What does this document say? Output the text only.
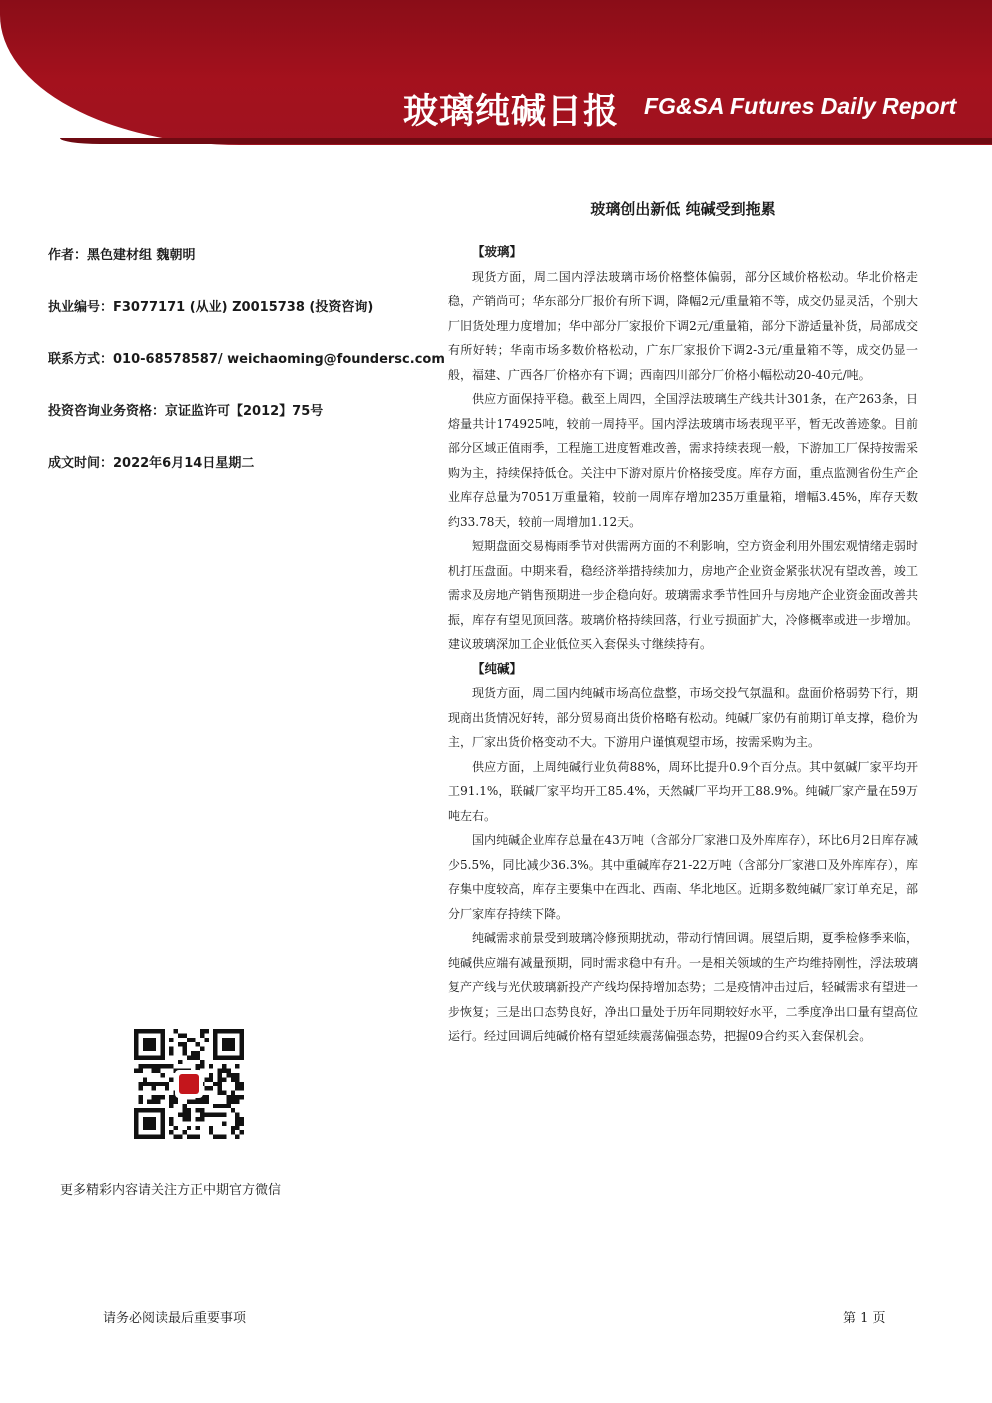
玻璃纯碱日报 FG&SA Futures Daily Report
玻璃创出新低 纯碱受到拖累
作者：黑色建材组 魏朝明
执业编号：F3077171 (从业) Z0015738 (投资咨询)
联系方式：010-68578587/ weichaoming@foundersc.com
投资咨询业务资格：京证监许可【2012】75号
成文时间：2022年6月14日星期二
【玻璃】

现货方面，周二国内浮法玻璃市场价格整体偏弱，部分区域价格松动。华北价格走稳，产销尚可；华东部分厂报价有所下调，降幅2元/重量箱不等，成交仍显灵活，个别大厂旧货处理力度增加；华中部分厂家报价下调2元/重量箱，部分下游适量补货，局部成交有所好转；华南市场多数价格松动，广东厂家报价下调2-3元/重量箱不等，成交仍显一般，福建、广西各厂价格亦有下调；西南四川部分厂价格小幅松动20-40元/吨。

供应方面保持平稳。截至上周四，全国浮法玻璃生产线共计301条，在产263条，日熔量共计174925吨，较前一周持平。国内浮法玻璃市场表现平平，暂无改善迹象。目前部分区域正值雨季，工程施工进度暂难改善，需求持续表现一般，下游加工厂保持按需采购为主，持续保持低仓。关注中下游对原片价格接受度。库存方面，重点监测省份生产企业库存总量为7051万重量箱，较前一周库存增加235万重量箱，增幅3.45%，库存天数约33.78天，较前一周增加1.12天。

短期盘面交易梅雨季节对供需两方面的不利影响，空方资金利用外围宏观情绪走弱时机打压盘面。中期来看，稳经济举措持续加力，房地产企业资金紧张状况有望改善，竣工需求及房地产销售预期进一步企稳向好。玻璃需求季节性回升与房地产企业资金面改善共振，库存有望见顶回落。玻璃价格持续回落，行业亏损面扩大，冷修概率或进一步增加。建议玻璃深加工企业低位买入套保头寸继续持有。

【纯碱】

现货方面，周二国内纯碱市场高位盘整，市场交投气氛温和。盘面价格弱势下行，期现商出货情况好转，部分贸易商出货价格略有松动。纯碱厂家仍有前期订单支撑，稳价为主，厂家出货价格变动不大。下游用户谨慎观望市场，按需采购为主。

供应方面，上周纯碱行业负荷88%，周环比提升0.9个百分点。其中氨碱厂家平均开工91.1%，联碱厂家平均开工85.4%，天然碱厂平均开工88.9%。纯碱厂家产量在59万吨左右。

国内纯碱企业库存总量在43万吨（含部分厂家港口及外库库存），环比6月2日库存减少5.5%，同比减少36.3%。其中重碱库存21-22万吨（含部分厂家港口及外库库存），库存集中度较高，库存主要集中在西北、西南、华北地区。近期多数纯碱厂家订单充足，部分厂家库存持续下降。

纯碱需求前景受到玻璃冷修预期扰动，带动行情回调。展望后期，夏季检修季来临，纯碱供应端有减量预期，同时需求稳中有升。一是相关领域的生产均维持刚性，浮法玻璃复产产线与光伏玻璃新投产产线均保持增加态势；二是疫情冲击过后，轻碱需求有望进一步恢复；三是出口态势良好，净出口量处于历年同期较好水平，二季度净出口量有望高位运行。经过回调后纯碱价格有望延续震荡偏强态势，把握09合约买入套保机会。

更多精彩内容请关注方正中期官方微信
请务必阅读最后重要事项	第 1 页
